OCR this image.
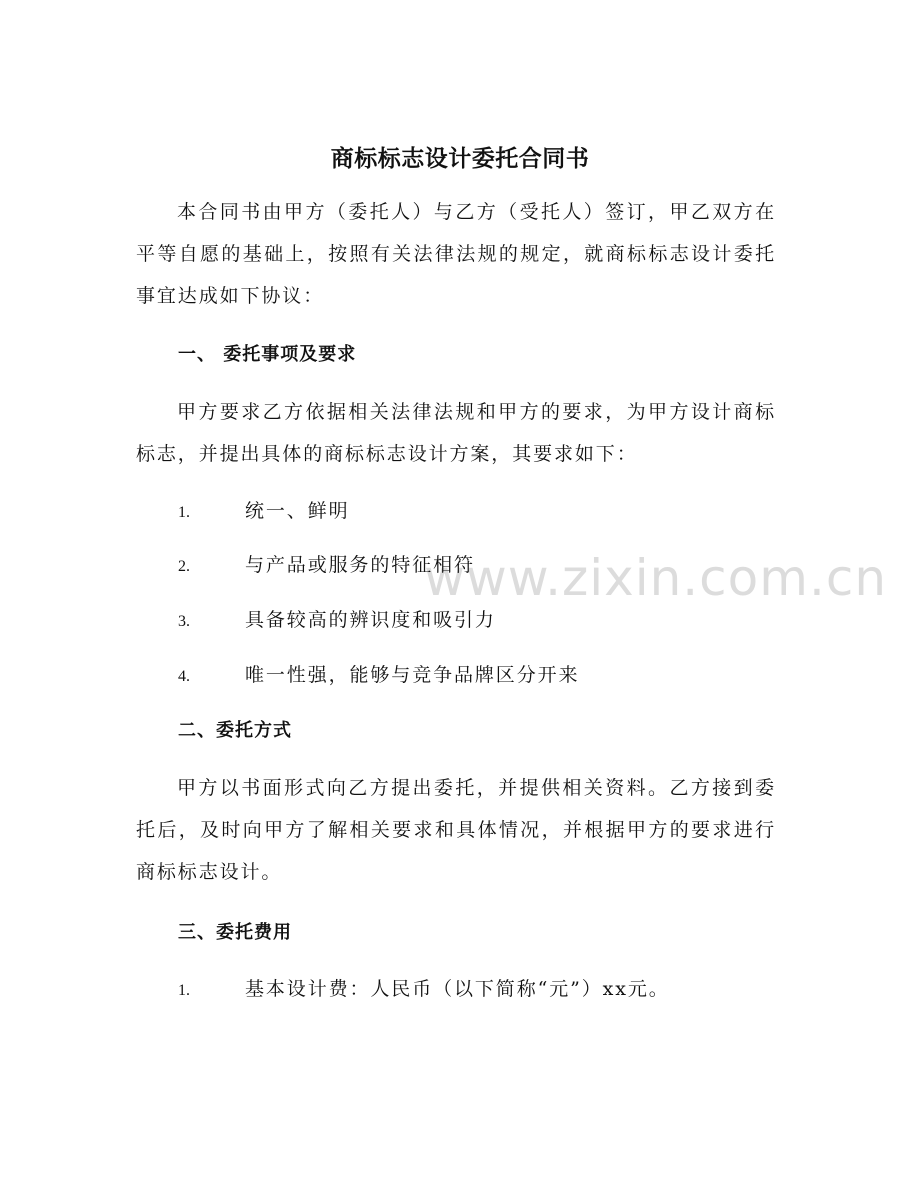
www.zixin.com.cn
商标标志设计委托合同书
本合同书由甲方（委托人）与乙方（受托人）签订，甲乙双方在平等自愿的基础上，按照有关法律法规的规定，就商标标志设计委托事宜达成如下协议：
一、 委托事项及要求
甲方要求乙方依据相关法律法规和甲方的要求，为甲方设计商标标志，并提出具体的商标标志设计方案，其要求如下：
1.	统一、鲜明
2.	与产品或服务的特征相符
3.	具备较高的辨识度和吸引力
4.	唯一性强，能够与竞争品牌区分开来
二、委托方式
甲方以书面形式向乙方提出委托，并提供相关资料。乙方接到委托后，及时向甲方了解相关要求和具体情况，并根据甲方的要求进行商标标志设计。
三、委托费用
1.	基本设计费：人民币（以下简称“元”）xx元。
